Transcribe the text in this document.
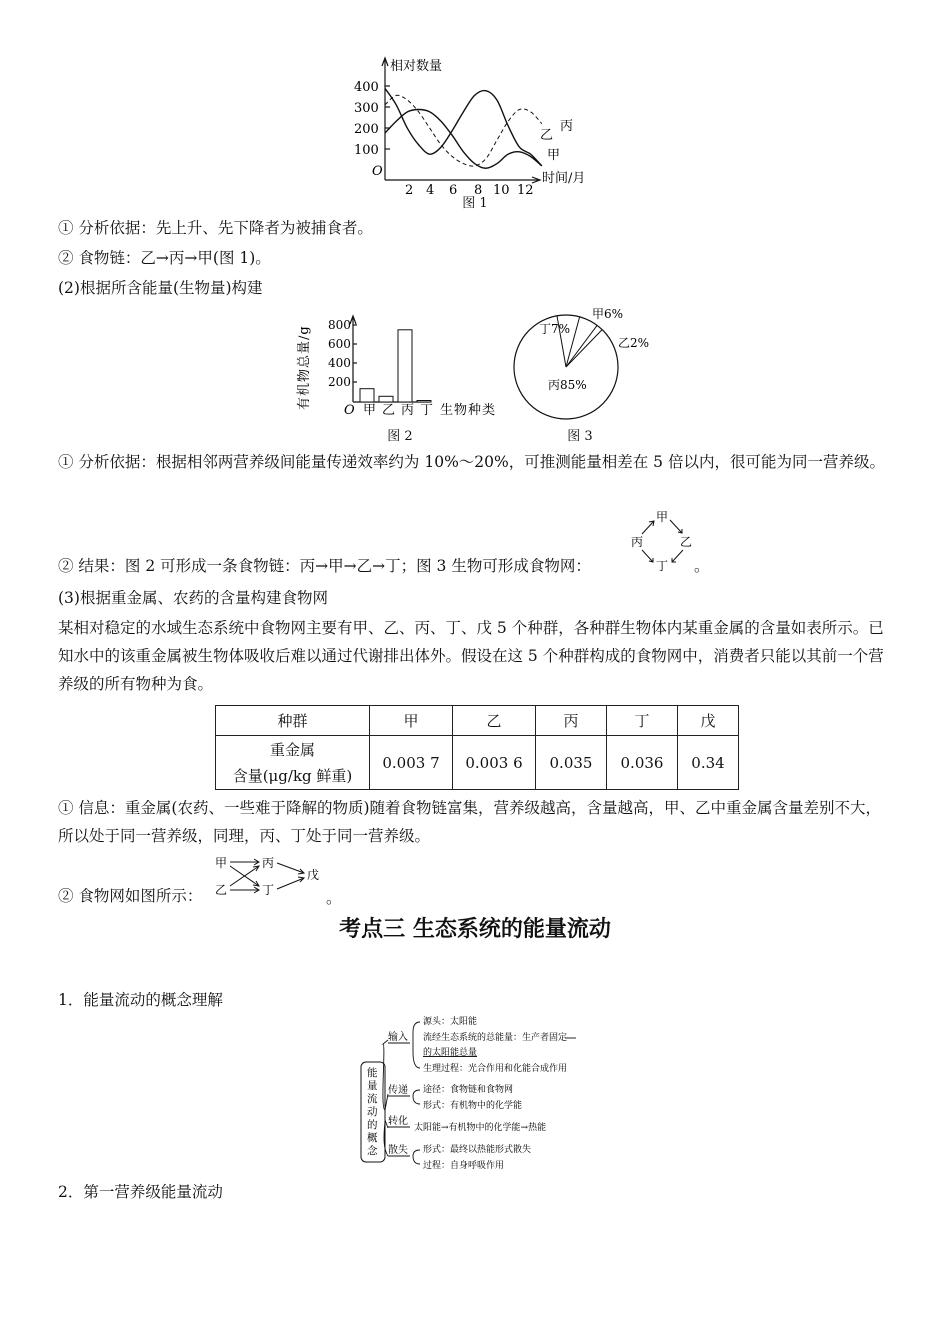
相对数量
400
300
200
100
O
2 4 6 8 10 12
时间/月
乙
丙
甲
图 1
① 分析依据：先上升、先下降者为被捕食者。
② 食物链：乙→丙→甲(图 1)。
(2)根据所含能量(生物量)构建
有机物总量/g
800
600
400
200
O 甲 乙 丙 丁 生物种类
图 2
丁7%
甲6%
乙2%
丙85%
图 3
① 分析依据：根据相邻两营养级间能量传递效率约为 10%～20%，可推测能量相差在 5 倍以内，很可能为同一营养级。
② 结果：图 2 可形成一条食物链：丙→甲→乙→丁；图 3 生物可形成食物网：
甲
丙	乙
丁 。
(3)根据重金属、农药的含量构建食物网
某相对稳定的水域生态系统中食物网主要有甲、乙、丙、丁、戊 5 个种群，各种群生物体内某重金属的含量如表所示。已知水中的该重金属被生物体吸收后难以通过代谢排出体外。假设在这 5 个种群构成的食物网中，消费者只能以其前一个营养级的所有物种为食。
种群	甲	乙	丙	丁	戊

重金属
含量(μg/kg 鲜重)	0.003 7	0.003 6	0.035	0.036	0.34
① 信息：重金属(农药、一些难于降解的物质)随着食物链富集，营养级越高，含量越高，甲、乙中重金属含量差别不大，所以处于同一营养级，同理，丙、丁处于同一营养级。
② 食物网如图所示：
甲	丙
乙	丁
戊
。
考点三 生态系统的能量流动
1．能量流动的概念理解
能
量
流
动
的
概
念
输入
传递
转化
散失
源头：太阳能
流经生态系统的总能量：生产者固定
的太阳能总量
生理过程：光合作用和化能合成作用
途径：食物链和食物网
形式：有机物中的化学能
太阳能→有机物中的化学能→热能
形式：最终以热能形式散失
过程：自身呼吸作用
2．第一营养级能量流动
